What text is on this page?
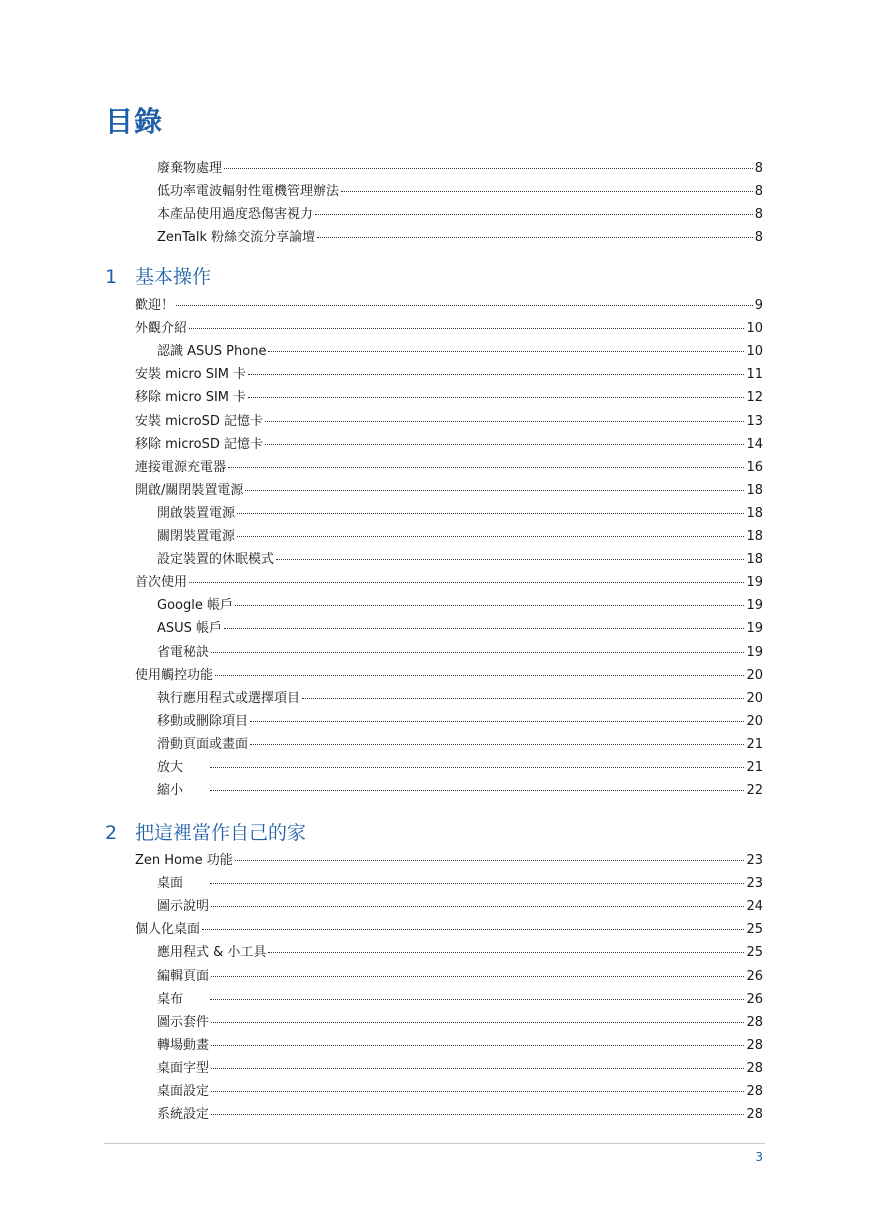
目錄
廢棄物處理	8
低功率電波輻射性電機管理辦法	8
本產品使用過度恐傷害視力	8
ZenTalk 粉絲交流分享論壇	8
1 基本操作
歡迎！	9
外觀介紹	10
認識 ASUS Phone	10
安裝 micro SIM 卡	11
移除 micro SIM 卡	12
安裝 microSD 記憶卡	13
移除 microSD 記憶卡	14
連接電源充電器	16
開啟/關閉裝置電源	18
開啟裝置電源	18
關閉裝置電源	18
設定裝置的休眠模式	18
首次使用	19
Google 帳戶	19
ASUS 帳戶	19
省電秘訣	19
使用觸控功能	20
執行應用程式或選擇項目	20
移動或刪除項目	20
滑動頁面或畫面	21
放大	21
縮小	22
2 把這裡當作自己的家
Zen Home 功能	23
桌面	23
圖示說明	24
個人化桌面	25
應用程式 & 小工具	25
編輯頁面	26
桌布	26
圖示套件	28
轉場動畫	28
桌面字型	28
桌面設定	28
系統設定	28
3
